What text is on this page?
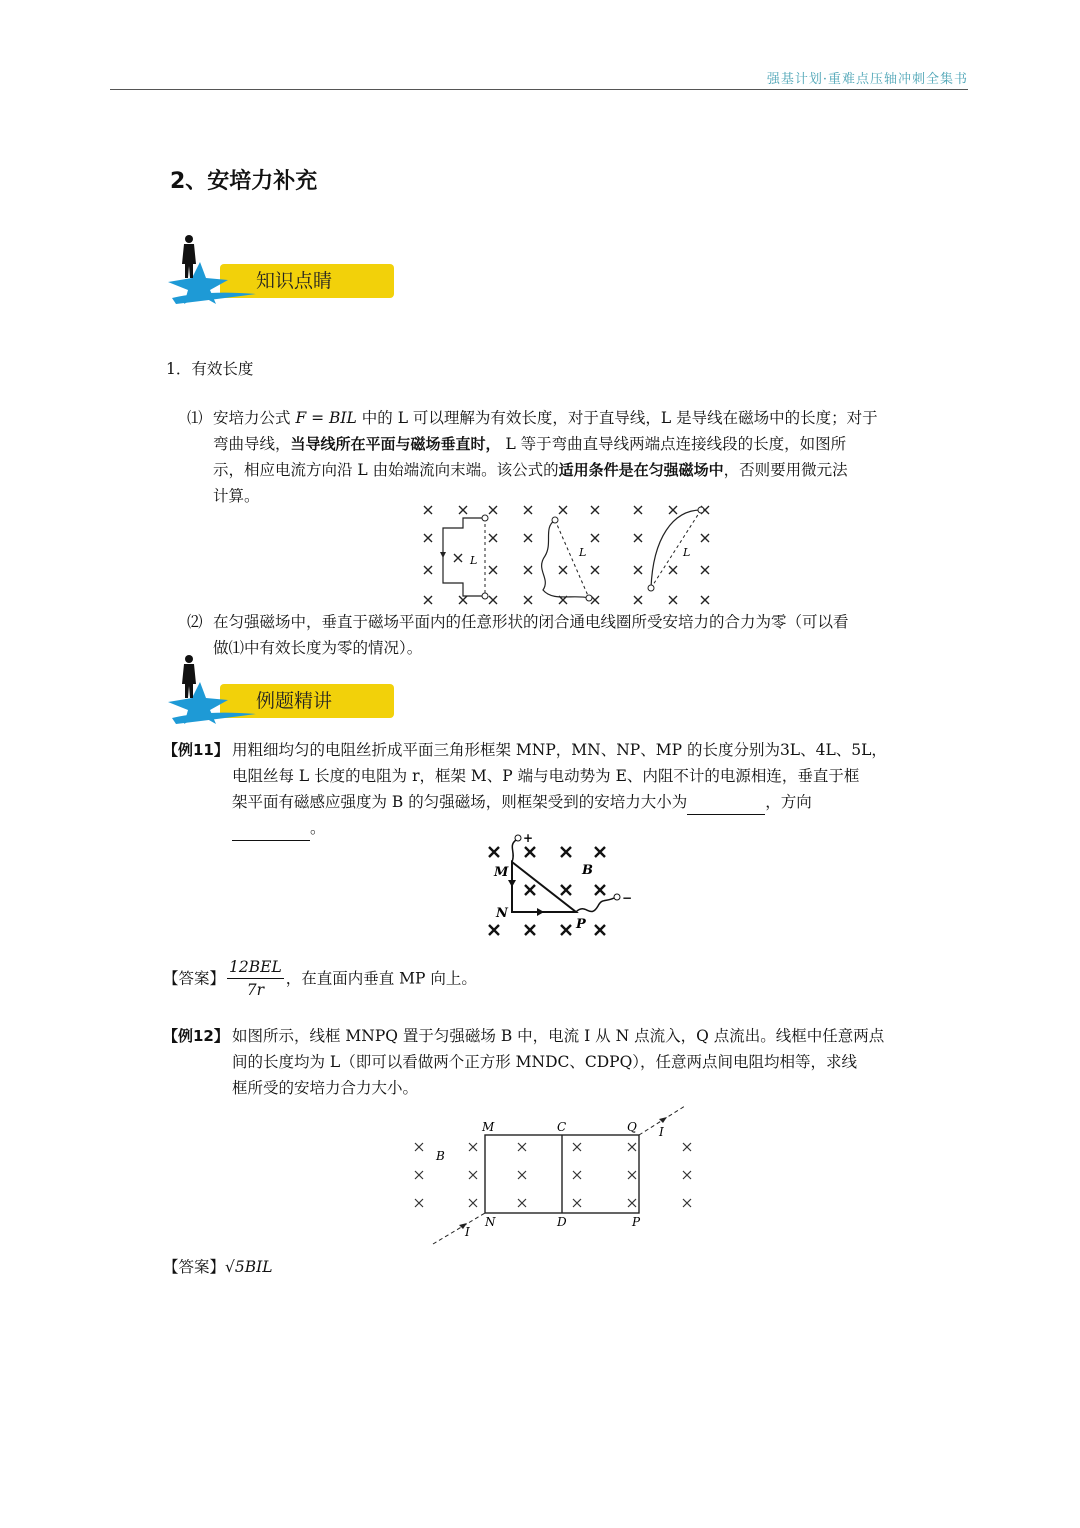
强基计划·重难点压轴冲刺全集书
2、安培力补充
知识点睛
1．有效长度
⑴ 安培力公式 F = BIL 中的 L 可以理解为有效长度，对于直导线，L 是导线在磁场中的长度；对于
弯曲导线，当导线所在平面与磁场垂直时， L 等于弯曲直导线两端点连接线段的长度，如图所
示，相应电流方向沿 L 由始端流向末端。该公式的适用条件是在匀强磁场中，否则要用微元法
计算。
L
L	L
⑵ 在匀强磁场中，垂直于磁场平面内的任意形状的闭合通电线圈所受安培力的合力为零（可以看
做⑴中有效长度为零的情况）。
例题精讲
【例11】 用粗细均匀的电阻丝折成平面三角形框架 MNP，MN、NP、MP 的长度分别为3L、4L、5L，
电阻丝每 L 长度的电阻为 r，框架 M、P 端与电动势为 E、内阻不计的电源相连，垂直于框
架平面有磁感应强度为 B 的匀强磁场，则框架受到的安培力大小为	，方向
。
+
−
M
N
P
B
【答案】 $\frac{\text{12BEL}}{7r}$ ，在直面内垂直 MP 向上。
【例12】 如图所示，线框 MNPQ 置于匀强磁场 B 中，电流 I 从 N 点流入，Q 点流出。线框中任意两点
间的长度均为 L（即可以看做两个正方形 MNDC、CDPQ），任意两点间电阻均相等，求线
框所受的安培力合力大小。
M	C	Q
N	D	P
B
I
I
【答案】√5BIL
